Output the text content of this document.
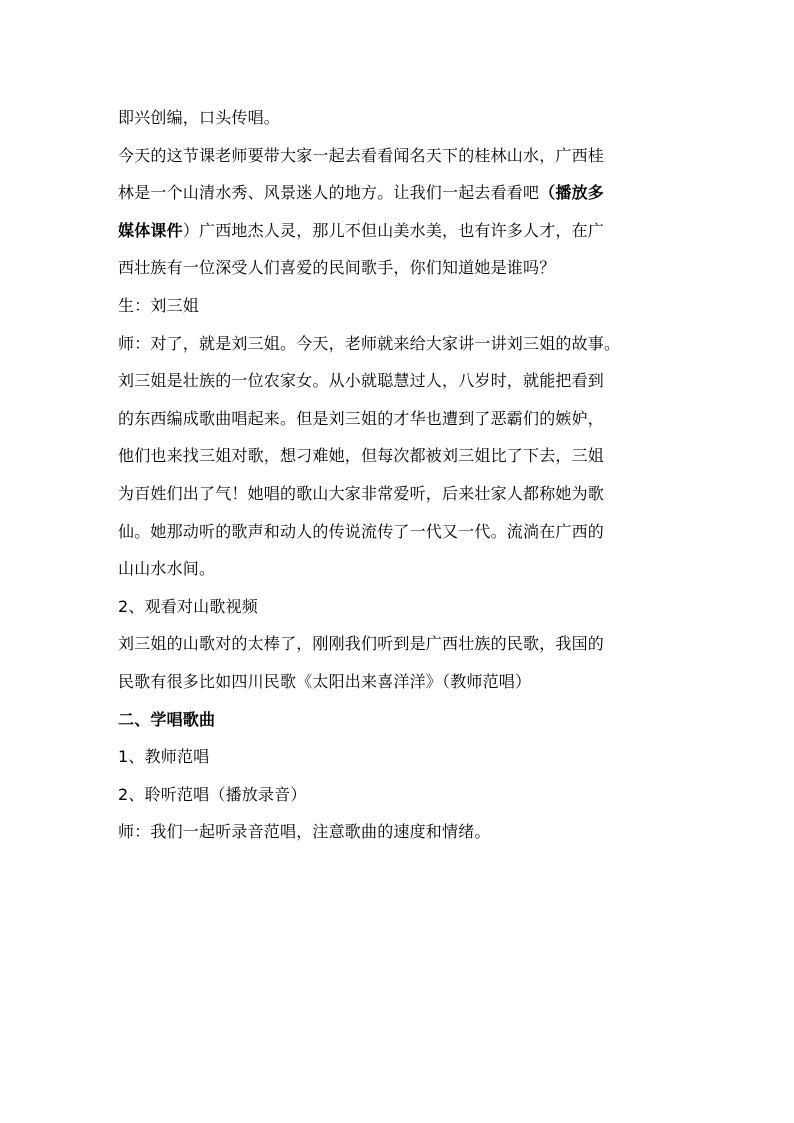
即兴创编，口头传唱。
今天的这节课老师要带大家一起去看看闻名天下的桂林山水，广西桂
林是一个山清水秀、风景迷人的地方。让我们一起去看看吧（播放多
媒体课件）广西地杰人灵，那儿不但山美水美，也有许多人才，在广
西壮族有一位深受人们喜爱的民间歌手，你们知道她是谁吗？
生：刘三姐
师：对了，就是刘三姐。今天，老师就来给大家讲一讲刘三姐的故事。
刘三姐是壮族的一位农家女。从小就聪慧过人，八岁时，就能把看到
的东西编成歌曲唱起来。但是刘三姐的才华也遭到了恶霸们的嫉妒，
他们也来找三姐对歌，想刁难她，但每次都被刘三姐比了下去，三姐
为百姓们出了气！她唱的歌山大家非常爱听，后来壮家人都称她为歌
仙。她那动听的歌声和动人的传说流传了一代又一代。流淌在广西的
山山水水间。
2、观看对山歌视频
刘三姐的山歌对的太棒了，刚刚我们听到是广西壮族的民歌，我国的
民歌有很多比如四川民歌《太阳出来喜洋洋》（教师范唱）
二、学唱歌曲
1、教师范唱
2、聆听范唱（播放录音）
师：我们一起听录音范唱，注意歌曲的速度和情绪。
